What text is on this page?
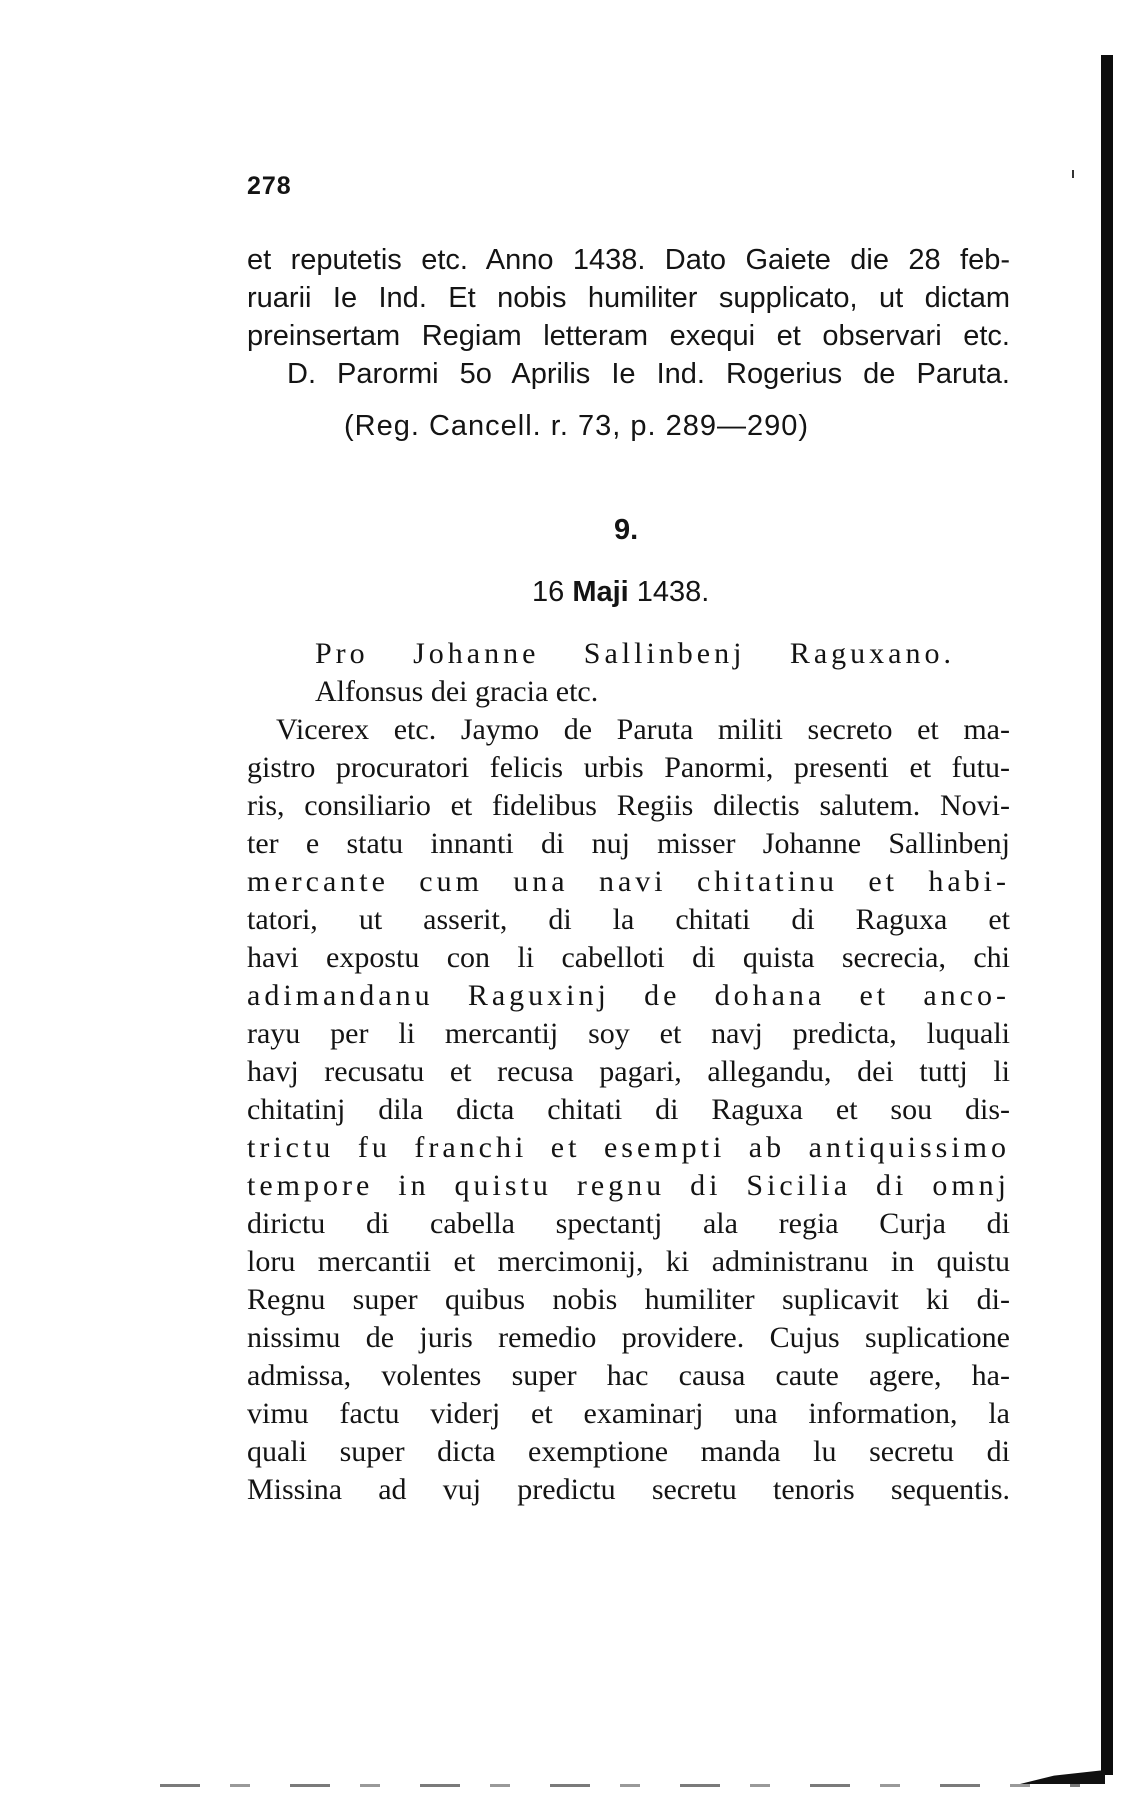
278
et reputetis etc. Anno 1438. Dato Gaiete die 28 feb-
ruarii Ie Ind. Et nobis humiliter supplicato, ut dictam
preinsertam Regiam letteram exequi et observari etc.
D. Parormi 5o Aprilis Ie Ind. Rogerius de Paruta.
(Reg. Cancell. r. 73, p. 289—290)
9.
16 Maji 1438.
Pro Johanne Sallinbenj Raguxano.
Alfonsus dei gracia etc.
Vicerex etc. Jaymo de Paruta militi secreto et ma-
gistro procuratori felicis urbis Panormi, presenti et futu-
ris, consiliario et fidelibus Regiis dilectis salutem. Novi-
ter e statu innanti di nuj misser Johanne Sallinbenj
mercante cum una navi chitatinu et habi-
tatori, ut asserit, di la chitati di Raguxa et
havi expostu con li cabelloti di quista secrecia, chi
adimandanu Raguxinj de dohana et anco-
rayu per li mercantij soy et navj predicta, luquali
havj recusatu et recusa pagari, allegandu, dei tuttj li
chitatinj dila dicta chitati di Raguxa et sou dis-
trictu fu franchi et esempti ab antiquissimo
tempore in quistu regnu di Sicilia di omnj
dirictu di cabella spectantj ala regia Curja di
loru mercantii et mercimonij, ki administranu in quistu
Regnu super quibus nobis humiliter suplicavit ki di-
nissimu de juris remedio providere. Cujus suplicatione
admissa, volentes super hac causa caute agere, ha-
vimu factu viderj et examinarj una information, la
quali super dicta exemptione manda lu secretu di
Missina ad vuj predictu secretu tenoris sequentis.
